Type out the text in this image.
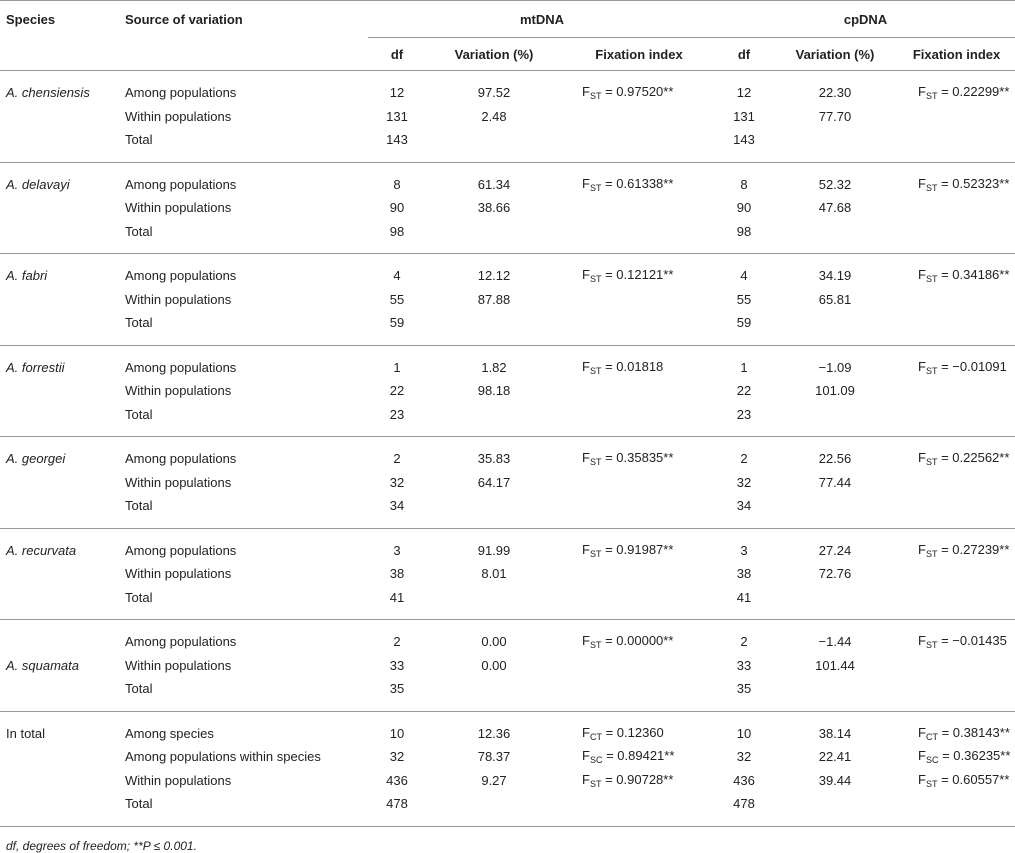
Species	Source of variation	mtDNA			cpDNA		
		df	Variation (%)	Fixation index	df	Variation (%)	Fixation index
A. chensiensis	Among populations	12	97.52	$F_{ST} = 0.97520**$	12	22.30	$F_{ST} = 0.22299**$
	Within populations	131	2.48		131	77.70	
	Total	143			143		
A. delavayi	Among populations	8	61.34	$F_{ST} = 0.61338**$	8	52.32	$F_{ST} = 0.52323**$
	Within populations	90	38.66		90	47.68	
	Total	98			98		
A. fabri	Among populations	4	12.12	$F_{ST} = 0.12121**$	4	34.19	$F_{ST} = 0.34186**$
	Within populations	55	87.88		55	65.81	
	Total	59			59		
A. forrestii	Among populations	1	1.82	$F_{ST} = 0.01818$	1	−1.09	$F_{ST} = -0.01091$
	Within populations	22	98.18		22	101.09	
	Total	23			23		
A. georgei	Among populations	2	35.83	$F_{ST} = 0.35835**$	2	22.56	$F_{ST} = 0.22562**$
	Within populations	32	64.17		32	77.44	
	Total	34			34		
A. recurvata	Among populations	3	91.99	$F_{ST} = 0.91987**$	3	27.24	$F_{ST} = 0.27239**$
	Within populations	38	8.01		38	72.76	
	Total	41			41		
	Among populations	2	0.00	$F_{ST} = 0.00000**$	2	−1.44	$F_{ST} = -0.01435$
A. squamata	Within populations	33	0.00		33	101.44	
	Total	35			35		
In total	Among species	10	12.36	$F_{CT} = 0.12360$	10	38.14	$F_{CT} = 0.38143**$
	Among populations within species	32	78.37	$F_{SC} = 0.89421**$	32	22.41	$F_{SC} = 0.36235**$
	Within populations	436	9.27	$F_{ST} = 0.90728**$	436	39.44	$F_{ST} = 0.60557**$
	Total	478			478		
df, degrees of freedom; **P ≤ 0.001.
